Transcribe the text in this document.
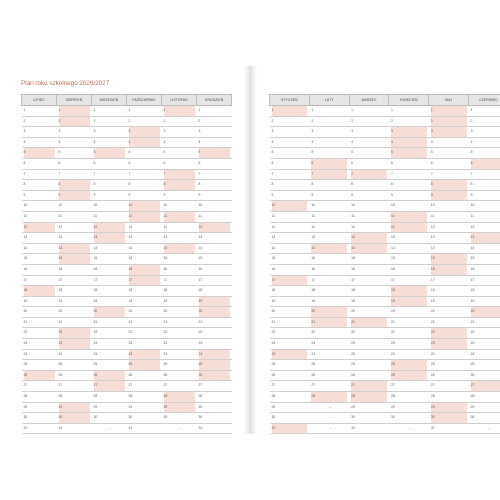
Plan roku szkolnego 2026/2027
LIPIEC	SIERPIEŃ	WRZESIEŃ	PAŹDZIERNIK	LISTOPAD	GRUDZIEŃ

1	1	1	1	1	1

2	2	2	2	2	2

3	3	3	3	3	3

4	4	4	4	4	4

5	5	5	5	5	5

6	6	6	6	6	6

7	7	7	7	7	7

8	8	8	8	8	8

9	9	9	9	9	9

10	10	10	10	10	10

11	11	11	11	11	11

12	12	12	12	12	12

13	13	13	13	13	13

14	14	14	14	14	14

15	15	15	15	15	15

16	16	16	16	16	16

17	17	17	17	17	17

18	18	18	18	18	18

19	19	19	19	19	19

20	20	20	20	20	20

21	21	21	21	21	21

22	22	22	22	22	22

23	23	23	23	23	23

24	24	24	24	24	24

25	25	25	25	25	25

26	26	26	26	26	26

27	27	27	27	27	27

28	28	28	28	28	28

29	29	29	29	29	29

30	30	30	30	30	30

31	31	–	31	–	31
STYCZEŃ	LUTY	MARZEC	KWIECIEŃ	MAJ	CZERWIEC

1	1	1	1	1	1

2	2	2	2	2	2

3	3	3	3	3	3

4	4	4	4	4	4

5	5	5	5	5	5

6	6	6	6	6	6

7	7	7	7	7	7

8	8	8	8	8	8

9	9	9	9	9	9

10	10	10	10	10	10

11	11	11	11	11	11

12	12	12	12	12	12

13	13	13	13	13	13

14	14	14	14	14	14

15	15	15	15	15	15

16	16	16	16	16	16

17	17	17	17	17	17

18	18	18	18	18	18

19	19	19	19	19	19

20	20	20	20	20	20

21	21	21	21	21	21

22	22	22	22	22	22

23	23	23	23	23	23

24	24	24	24	24	24

25	25	25	25	25	25

26	26	26	26	26	26

27	27	27	27	27	27

28	28	28	28	28	28

29	–	29	29	29	29

30	–	30	30	30	30

31	–	31	–	31	–
